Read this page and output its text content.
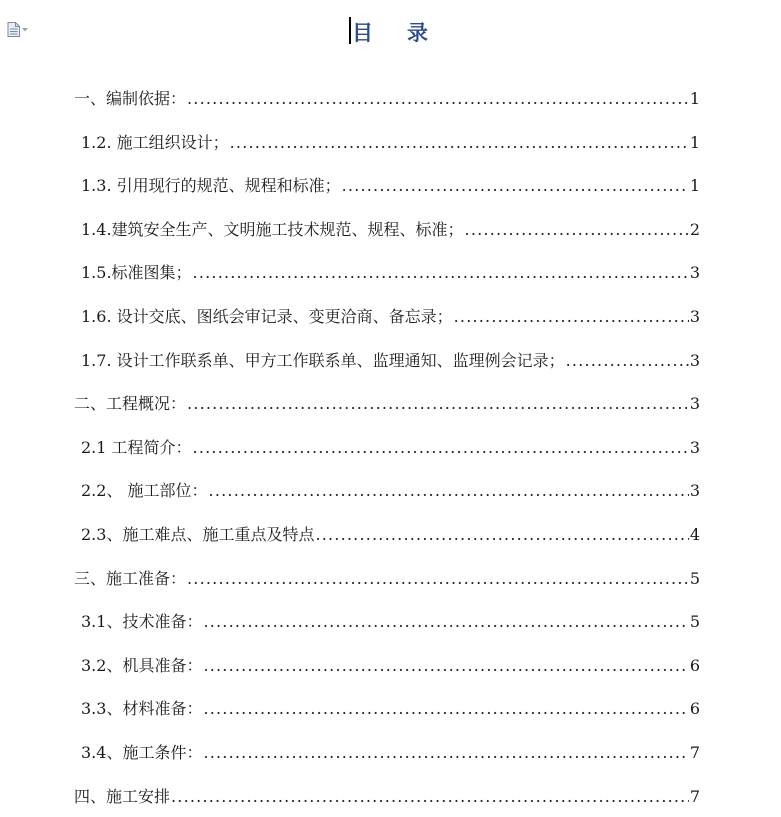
目 录
一、编制依据： .....	1
1.2. 施工组织设计； .....	1
1.3. 引用现行的规范、规程和标准； .....	1
1.4.建筑安全生产、文明施工技术规范、规程、标准； .....	2
1.5.标准图集； .....	3
1.6. 设计交底、图纸会审记录、变更洽商、备忘录； .....	3
1.7. 设计工作联系单、甲方工作联系单、监理通知、监理例会记录； .....	3
二、工程概况： .....	3
2.1 工程简介： .....	3
2.2、 施工部位： .....	3
2.3、施工难点、施工重点及特点 .....	4
三、施工准备： .....	5
3.1、技术准备： .....	5
3.2、机具准备： .....	6
3.3、材料准备： .....	6
3.4、施工条件： .....	7
四、施工安排 .....	7
